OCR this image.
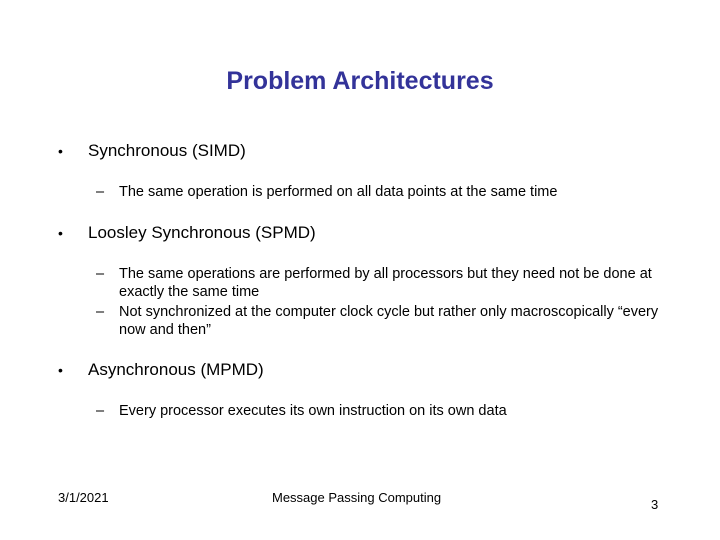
Problem Architectures
• Synchronous (SIMD)
– The same operation is performed on all data points at the same time
• Loosley Synchronous (SPMD)
– The same operations are performed by all processors but they need not be done at exactly the same time
– Not synchronized at the computer clock cycle but rather only macroscopically “every now and then”
• Asynchronous (MPMD)
– Every processor executes its own instruction on its own data
3/1/2021	Message Passing Computing	3
